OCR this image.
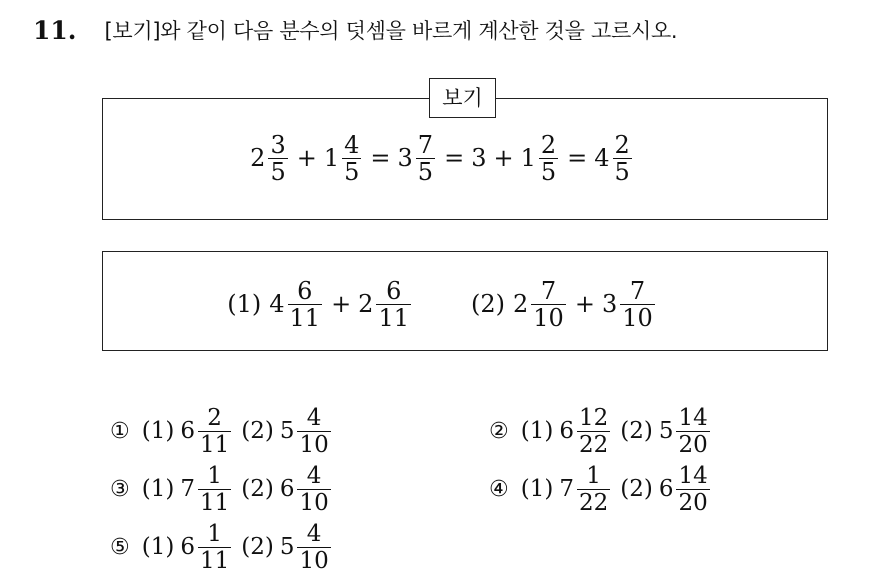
11. [보기]와 같이 다음 분수의 덧셈을 바르게 계산한 것을 고르시오.
보기
$2 \frac{3}{5} + 1 \frac{4}{5} = 3 \frac{7}{5} = 3 + 1 \frac{2}{5} = 4 \frac{2}{5}$
(1) $4 \frac{6}{11} + 2 \frac{6}{11}$	(2) $2 \frac{7}{10} + 3 \frac{7}{10}$
① (1) $6 \frac{2}{11} (2)$ $5 \frac{4}{10}$	② (1) $6 \frac{12}{22} (2)$ $5 \frac{14}{20}$
③ (1) $7 \frac{1}{11} (2)$ $6 \frac{4}{10}$	④ (1) $7 \frac{1}{22} (2)$ $6 \frac{14}{20}$
⑤ (1) $6 \frac{1}{11} (2)$ $5 \frac{4}{10}$
